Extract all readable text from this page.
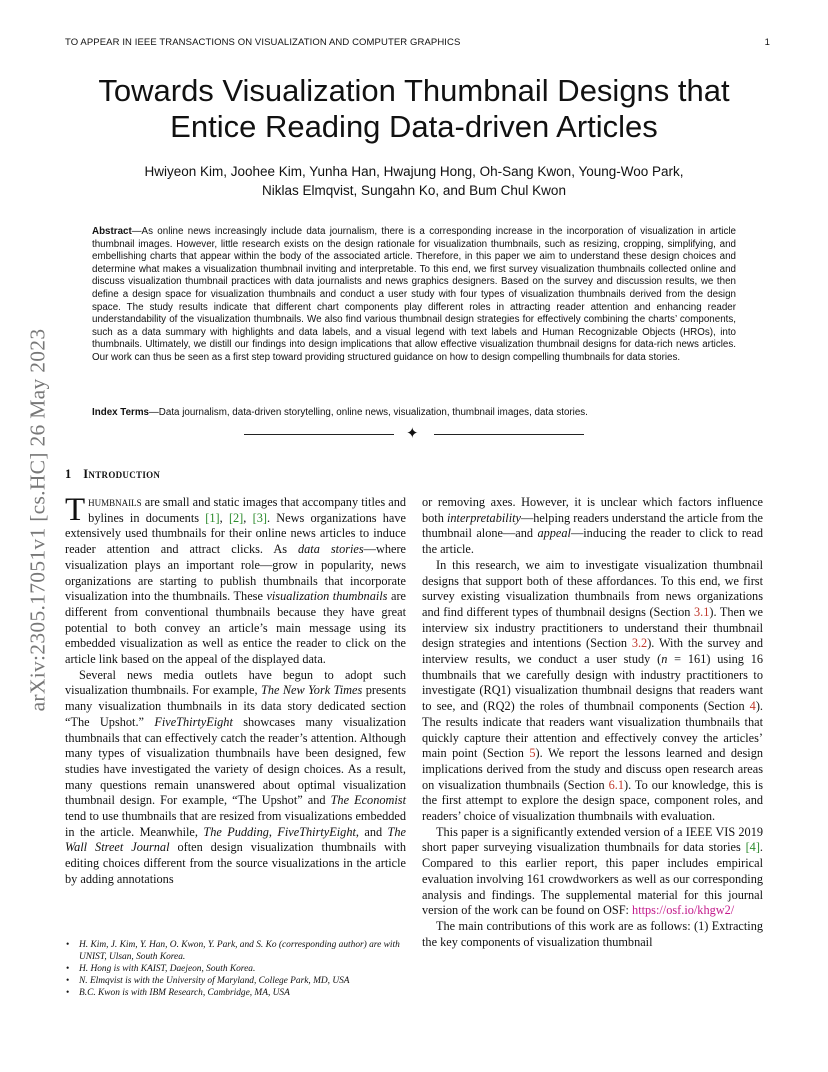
TO APPEAR IN IEEE TRANSACTIONS ON VISUALIZATION AND COMPUTER GRAPHICS	1
arXiv:2305.17051v1 [cs.HC] 26 May 2023
Towards Visualization Thumbnail Designs that Entice Reading Data-driven Articles
Hwiyeon Kim, Joohee Kim, Yunha Han, Hwajung Hong, Oh-Sang Kwon, Young-Woo Park,
Niklas Elmqvist, Sungahn Ko, and Bum Chul Kwon
Abstract—As online news increasingly include data journalism, there is a corresponding increase in the incorporation of visualization in article thumbnail images. However, little research exists on the design rationale for visualization thumbnails, such as resizing, cropping, simplifying, and embellishing charts that appear within the body of the associated article. Therefore, in this paper we aim to understand these design choices and determine what makes a visualization thumbnail inviting and interpretable. To this end, we first survey visualization thumbnails collected online and discuss visualization thumbnail practices with data journalists and news graphics designers. Based on the survey and discussion results, we then define a design space for visualization thumbnails and conduct a user study with four types of visualization thumbnails derived from the design space. The study results indicate that different chart components play different roles in attracting reader attention and enhancing reader understandability of the visualization thumbnails. We also find various thumbnail design strategies for effectively combining the charts’ components, such as a data summary with highlights and data labels, and a visual legend with text labels and Human Recognizable Objects (HROs), into thumbnails. Ultimately, we distill our findings into design implications that allow effective visualization thumbnail designs for data-rich news articles. Our work can thus be seen as a first step toward providing structured guidance on how to design compelling thumbnails for data stories.
Index Terms—Data journalism, data-driven storytelling, online news, visualization, thumbnail images, data stories.
✦
1 Introduction

Thumbnails are small and static images that accompany titles and bylines in documents [1], [2], [3]. News organizations have extensively used thumbnails for their online news articles to induce reader attention and attract clicks. As data stories—where visualization plays an important role—grow in popularity, news organizations are starting to publish thumbnails that incorporate visualization into the thumbnails. These visualization thumbnails are different from conventional thumbnails because they have great potential to both convey an article’s main message using its embedded visualization as well as entice the reader to click on the article link based on the appeal of the displayed data.

Several news media outlets have begun to adopt such visualization thumbnails. For example, The New York Times presents many visualization thumbnails in its data story dedicated section “The Upshot.” FiveThirtyEight showcases many visualization thumbnails that can effectively catch the reader’s attention. Although many types of visualization thumbnails have been designed, few studies have investigated the variety of design choices. As a result, many questions remain unanswered about optimal visualization thumbnail design. For example, “The Upshot” and The Economist tend to use thumbnails that are resized from visualizations embedded in the article. Meanwhile, The Pudding, FiveThirtyEight, and The Wall Street Journal often design visualization thumbnails with editing choices different from the source visualizations in the article by adding annotations

• H. Kim, J. Kim, Y. Han, O. Kwon, Y. Park, and S. Ko (corresponding author) are with UNIST, Ulsan, South Korea.
• H. Hong is with KAIST, Daejeon, South Korea.
• N. Elmqvist is with the University of Maryland, College Park, MD, USA
• B.C. Kwon is with IBM Research, Cambridge, MA, USA

or removing axes. However, it is unclear which factors influence both interpretability—helping readers understand the article from the thumbnail alone—and appeal—inducing the reader to click to read the article.

In this research, we aim to investigate visualization thumbnail designs that support both of these affordances. To this end, we first survey existing visualization thumbnails from news organizations and find different types of thumbnail designs (Section 3.1). Then we interview six industry practitioners to understand their thumbnail design strategies and intentions (Section 3.2). With the survey and interview results, we conduct a user study (n = 161) using 16 thumbnails that we carefully design with industry practitioners to investigate (RQ1) visualization thumbnail designs that readers want to see, and (RQ2) the roles of thumbnail components (Section 4). The results indicate that readers want visualization thumbnails that quickly capture their attention and effectively convey the articles’ main point (Section 5). We report the lessons learned and design implications derived from the study and discuss open research areas on visualization thumbnails (Section 6.1). To our knowledge, this is the first attempt to explore the design space, component roles, and readers’ choice of visualization thumbnails with evaluation.

This paper is a significantly extended version of a IEEE VIS 2019 short paper surveying visualization thumbnails for data stories [4]. Compared to this earlier report, this paper includes empirical evaluation involving 161 crowdworkers as well as our corresponding analysis and findings. The supplemental material for this journal version of the work can be found on OSF: https://osf.io/khgw2/

The main contributions of this work are as follows: (1) Extracting the key components of visualization thumbnail
